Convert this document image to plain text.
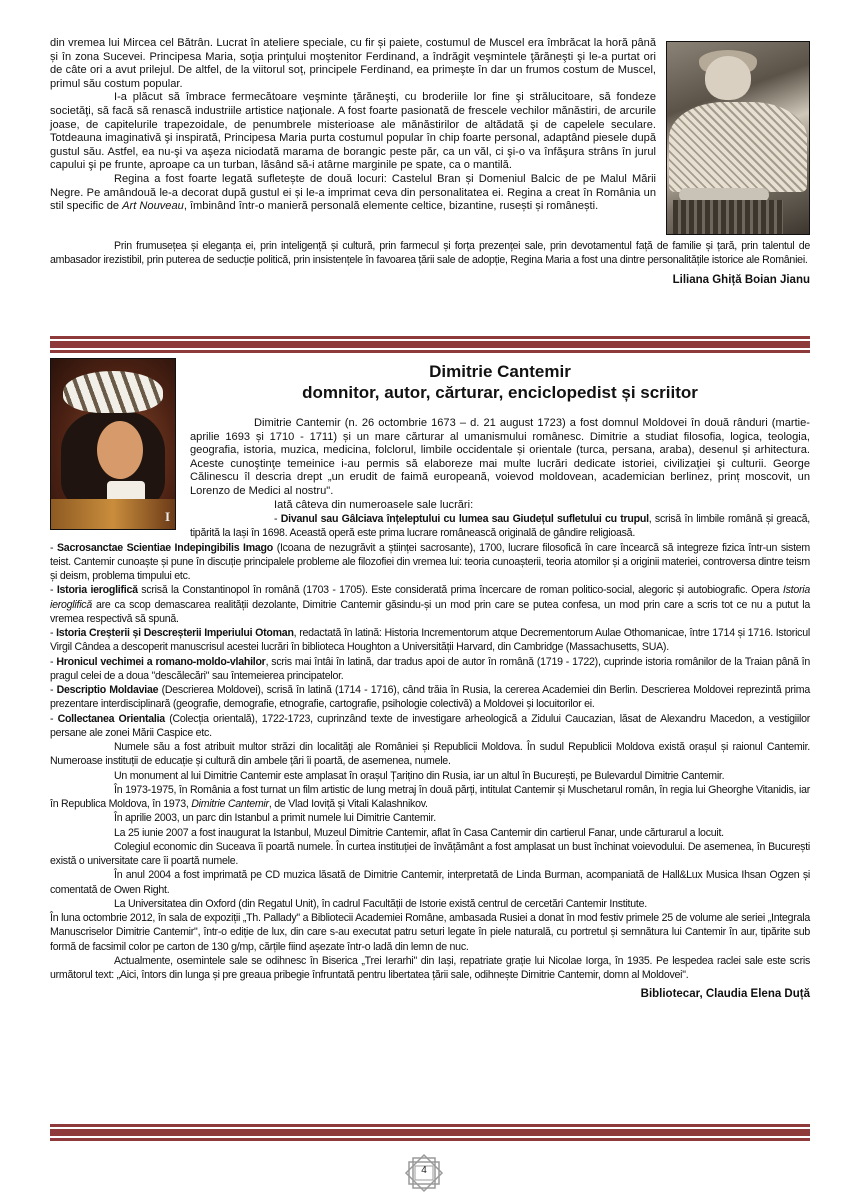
din vremea lui Mircea cel Bătrân. Lucrat în ateliere speciale, cu fir și paiete, costumul de Muscel era îmbrăcat la horă până și în zona Sucevei. Principesa Maria, soţia prinţului moştenitor Ferdinand, a îndrăgit veşmintele ţărăneşti şi le-a purtat ori de câte ori a avut prilejul. De altfel, de la viitorul soț, principele Ferdinand, ea primeşte în dar un frumos costum de Muscel, primul său costum popular.

I-a plăcut să îmbrace fermecătoare veşminte ţărăneşti, cu broderiile lor fine şi strălucitoare, să fondeze societăţi, să facă să renască industriile artistice naţionale. A fost foarte pasionată de frescele vechilor mănăstiri, de arcurile joase, de capitelurile trapezoidale, de penumbrele misterioase ale mănăstirilor de altădată şi de capelele seculare. Totdeauna imaginativă şi inspirată, Principesa Maria purta costumul popular în chip foarte personal, adaptând piesele după gustul său. Astfel, ea nu-şi va aşeza niciodată marama de borangic peste păr, ca un văl, ci şi-o va înfăşura strâns în jurul capului şi pe frunte, aproape ca un turban, lăsând să-i atârne marginile pe spate, ca o mantilă.

Regina a fost foarte legată sufletește de două locuri: Castelul Bran și Domeniul Balcic de pe Malul Mării Negre. Pe amândouă le-a decorat după gustul ei și le-a imprimat ceva din personalitatea ei. Regina a creat în România un stil specific de Art Nouveau, îmbinând într-o manieră personală elemente celtice, bizantine, rusești și românești.

Prin frumusețea și eleganța ei, prin inteligență și cultură, prin farmecul și forța prezenței sale, prin devotamentul față de familie și țară, prin talentul de ambasador irezistibil, prin puterea de seducție politică, prin insistențele în favoarea țării sale de adopție, Regina Maria a fost una dintre personalitățile istorice ale României.

Liliana Ghiță Boian Jianu

I
Dimitrie Cantemir
domnitor, autor, cărturar, enciclopedist și scriitor

Dimitrie Cantemir (n. 26 octombrie 1673 – d. 21 august 1723) a fost domnul Moldovei în două rânduri (martie-aprilie 1693 și 1710 - 1711) și un mare cărturar al umanismului românesc. Dimitrie a studiat filosofia, logica, teologia, geografia, istoria, muzica, medicina, folclorul, limbile occidentale și orientale (turca, persana, araba), desenul și arhitectura. Aceste cunoştinţe temeinice i-au permis să elaboreze mai multe lucrări dedicate istoriei, civilizaţiei şi culturii. George Călinescu îl descria drept „un erudit de faimă europeană, voievod moldovean, academician berlinez, prinț moscovit, un Lorenzo de Medici al nostru".

Iată câteva din numeroasele sale lucrări:

- Divanul sau Gâlciava înțeleptului cu lumea sau Giudețul sufletului cu trupul, scrisă în limbile română și greacă, tipărită la Iași în 1698. Această operă este prima lucrare românească originală de gândire religioasă.

- Sacrosanctae Scientiae Indepingibilis Imago (Icoana de nezugrăvit a științei sacrosante), 1700, lucrare filosofică în care încearcă să integreze fizica într-un sistem teist. Cantemir cunoaște și pune în discuție principalele probleme ale filozofiei din vremea lui: teoria cunoașterii, teoria atomilor și a originii materiei, controversa dintre teism și deism, problema timpului etc.

- Istoria ieroglifică scrisă la Constantinopol în română (1703 - 1705). Este considerată prima încercare de roman politico-social, alegoric și autobiografic. Opera Istoria ieroglifică are ca scop demascarea realității dezolante, Dimitrie Cantemir găsindu-și un mod prin care se putea confesa, un mod prin care a scris tot ce nu a putut la vremea respectivă să spună.

- Istoria Creșterii și Descreșterii Imperiului Otoman, redactată în latină: Historia Incrementorum atque Decrementorum Aulae Othomanicae, între 1714 și 1716. Istoricul Virgil Cândea a descoperit manuscrisul acestei lucrări în biblioteca Houghton a Universității Harvard, din Cambridge (Massachusetts, SUA).

- Hronicul vechimei a romano-moldo-vlahilor, scris mai întâi în latină, dar tradus apoi de autor în română (1719 - 1722), cuprinde istoria românilor de la Traian până în pragul celei de a doua "descălecări" sau întemeierea principatelor.

- Descriptio Moldaviae (Descrierea Moldovei), scrisă în latină (1714 - 1716), când trăia în Rusia, la cererea Academiei din Berlin. Descrierea Moldovei reprezintă prima prezentare interdisciplinară (geografie, demografie, etnografie, cartografie, psihologie colectivă) a Moldovei și locuitorilor ei.

- Collectanea Orientalia (Colecția orientală), 1722-1723, cuprinzând texte de investigare arheologică a Zidului Caucazian, lăsat de Alexandru Macedon, a vestigiilor persane ale zonei Mării Caspice etc.

Numele său a fost atribuit multor străzi din localități ale României și Republicii Moldova. În sudul Republicii Moldova există orașul și raionul Cantemir. Numeroase instituții de educație și cultură din ambele țări îi poartă, de asemenea, numele.

Un monument al lui Dimitrie Cantemir este amplasat în orașul Țarițino din Rusia, iar un altul în București, pe Bulevardul Dimitrie Cantemir.

În 1973-1975, în România a fost turnat un film artistic de lung metraj în două părți, intitulat Cantemir și Muschetarul român, în regia lui Gheorghe Vitanidis, iar în Republica Moldova, în 1973, Dimitrie Cantemir, de Vlad Ioviță și Vitali Kalashnikov.

În aprilie 2003, un parc din Istanbul a primit numele lui Dimitrie Cantemir.

La 25 iunie 2007 a fost inaugurat la Istanbul, Muzeul Dimitrie Cantemir, aflat în Casa Cantemir din cartierul Fanar, unde cărturarul a locuit.

Colegiul economic din Suceava îi poartă numele. În curtea instituției de învățământ a fost amplasat un bust închinat voievodului. De asemenea, în București există o universitate care îi poartă numele.

În anul 2004 a fost imprimată pe CD muzica lăsată de Dimitrie Cantemir, interpretată de Linda Burman, acompaniată de Hall&Lux Musica Ihsan Ogzen și comentată de Owen Right.

La Universitatea din Oxford (din Regatul Unit), în cadrul Facultății de Istorie există centrul de cercetări Cantemir Institute.

În luna octombrie 2012, în sala de expoziții „Th. Pallady" a Bibliotecii Academiei Române, ambasada Rusiei a donat în mod festiv primele 25 de volume ale seriei „Integrala Manuscriselor Dimitrie Cantemir", într-o ediție de lux, din care s-au executat patru seturi legate în piele naturală, cu portretul și semnătura lui Cantemir în aur, tipărite sub formă de facsimil color pe carton de 130 g/mp, cărțile fiind așezate într-o ladă din lemn de nuc.

Actualmente, osemintele sale se odihnesc în Biserica „Trei Ierarhi" din Iași, repatriate grație lui Nicolae Iorga, în 1935. Pe lespedea raclei sale este scris următorul text: „Aici, întors din lunga și pre greaua pribegie înfruntată pentru libertatea țării sale, odihnește Dimitrie Cantemir, domn al Moldovei".

Bibliotecar, Claudia Elena Duță

4
